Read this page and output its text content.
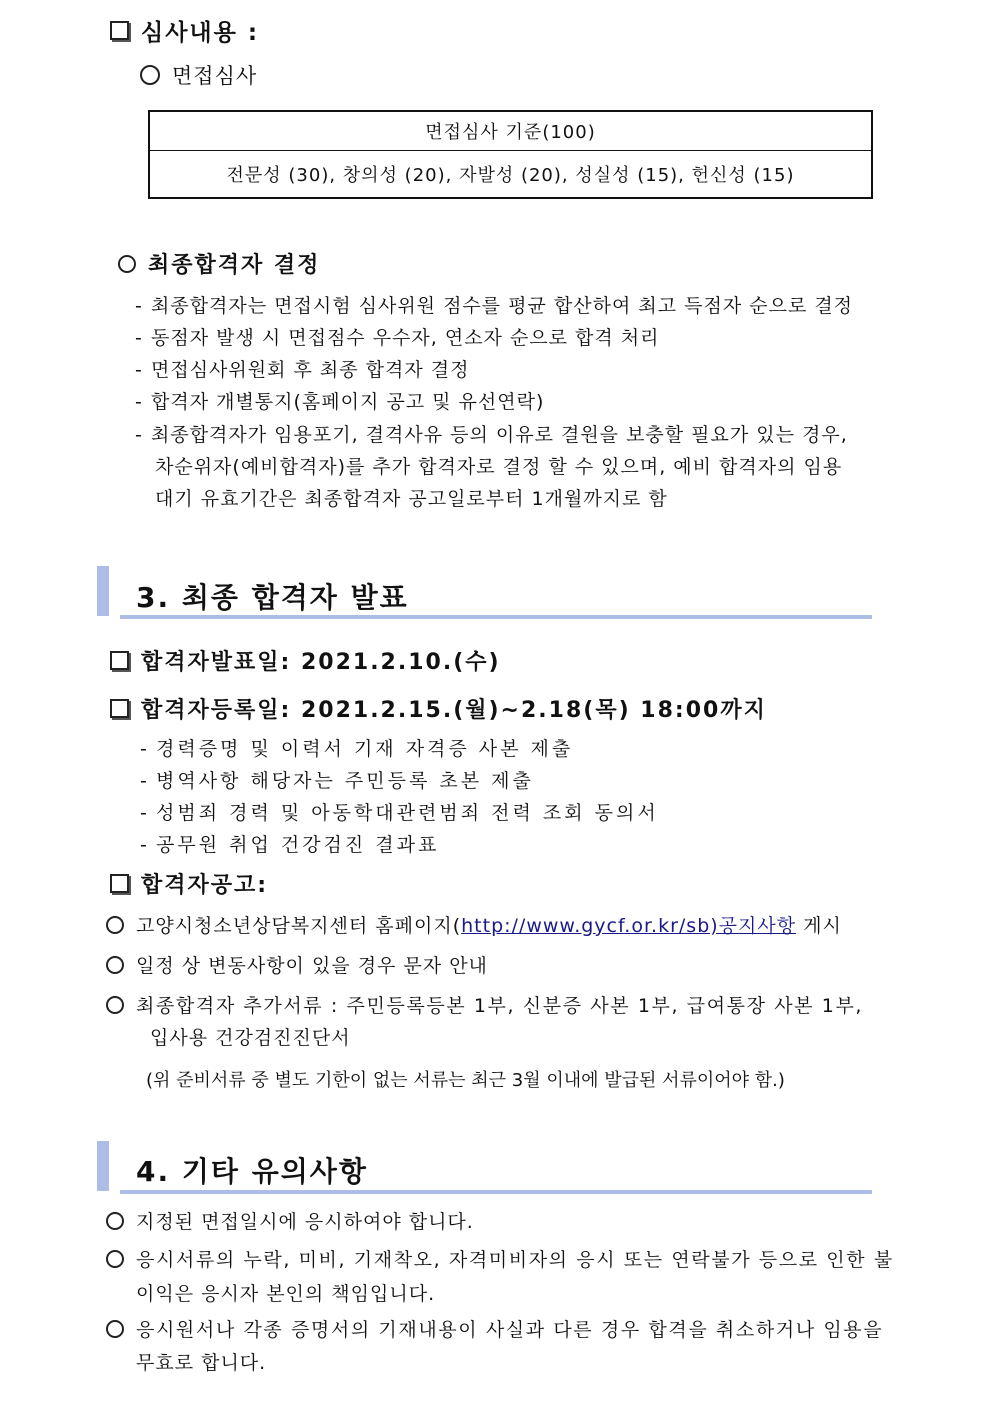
심사내용 :
면접심사
면접심사 기준(100)
전문성 (30), 창의성 (20), 자발성 (20), 성실성 (15), 헌신성 (15)
최종합격자 결정
- 최종합격자는 면접시험 심사위원 점수를 평균 합산하여 최고 득점자 순으로 결정
- 동점자 발생 시 면접점수 우수자, 연소자 순으로 합격 처리
- 면접심사위원회 후 최종 합격자 결정
- 합격자 개별통지(홈페이지 공고 및 유선연락)
- 최종합격자가 임용포기, 결격사유 등의 이유로 결원을 보충할 필요가 있는 경우,
차순위자(예비합격자)를 추가 합격자로 결정 할 수 있으며, 예비 합격자의 임용
대기 유효기간은 최종합격자 공고일로부터 1개월까지로 함
3. 최종 합격자 발표
합격자발표일: 2021.2.10.(수)
합격자등록일: 2021.2.15.(월)~2.18(목) 18:00까지
- 경력증명 및 이력서 기재 자격증 사본 제출
- 병역사항 해당자는 주민등록 초본 제출
- 성범죄 경력 및 아동학대관련범죄 전력 조회 동의서
- 공무원 취업 건강검진 결과표
합격자공고:
고양시청소년상담복지센터 홈페이지(http://www.gycf.or.kr/sb)공지사항 게시
일정 상 변동사항이 있을 경우 문자 안내
최종합격자 추가서류 : 주민등록등본 1부, 신분증 사본 1부, 급여통장 사본 1부,
입사용 건강검진진단서
(위 준비서류 중 별도 기한이 없는 서류는 최근 3월 이내에 발급된 서류이어야 함.)
4. 기타 유의사항
지정된 면접일시에 응시하여야 합니다.
응시서류의 누락, 미비, 기재착오, 자격미비자의 응시 또는 연락불가 등으로 인한 불
이익은 응시자 본인의 책임입니다.
응시원서나 각종 증명서의 기재내용이 사실과 다른 경우 합격을 취소하거나 임용을
무효로 합니다.
